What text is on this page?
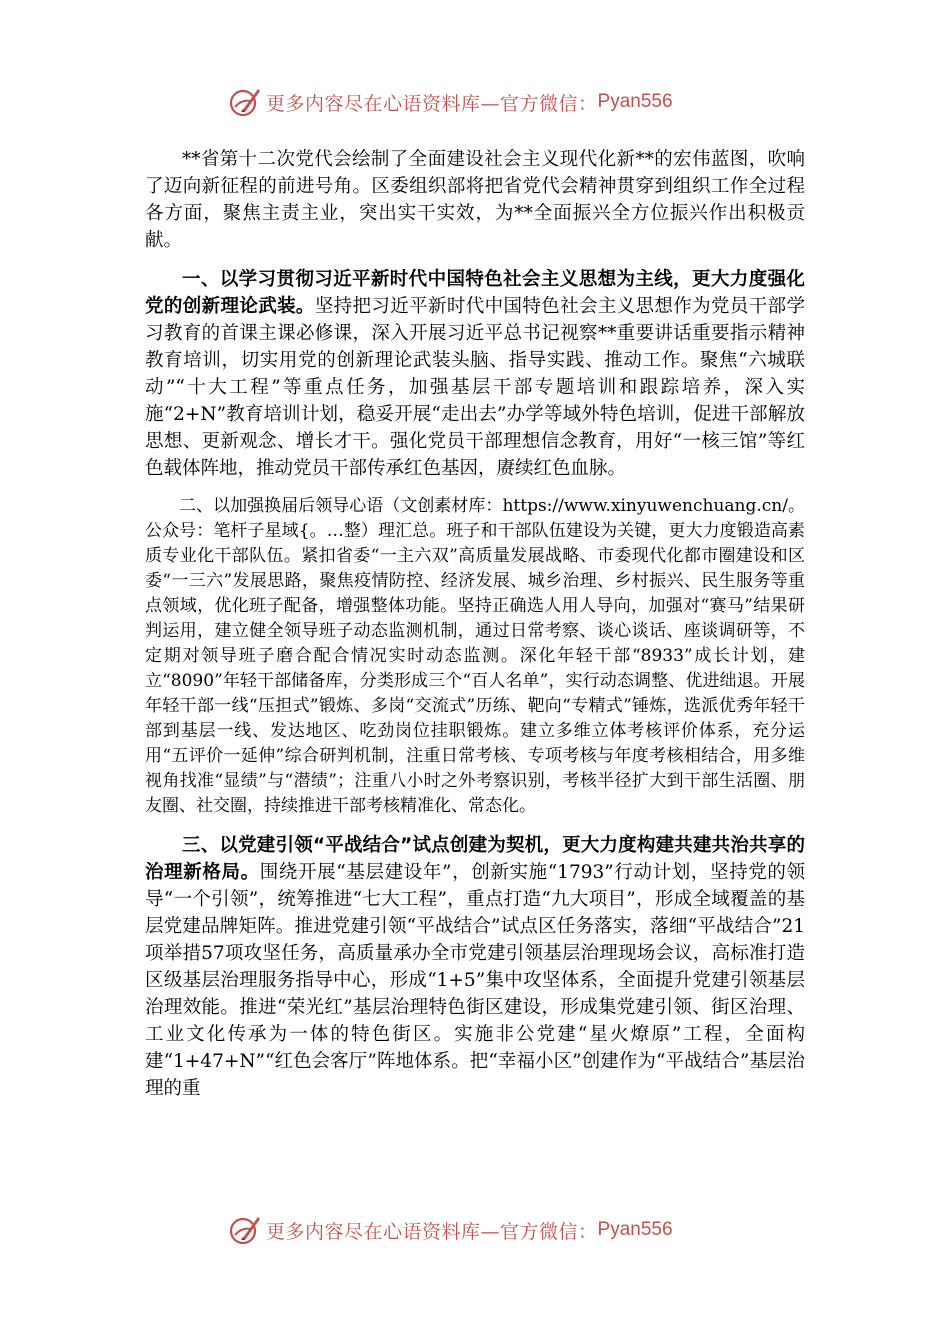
更多内容尽在心语资料库—官方微信： Pyan556

**省第十二次党代会绘制了全面建设社会主义现代化新**的宏伟蓝图，吹响了迈向新征程的前进号角。区委组织部将把省党代会精神贯穿到组织工作全过程各方面，聚焦主责主业，突出实干实效，为**全面振兴全方位振兴作出积极贡献。

一、以学习贯彻习近平新时代中国特色社会主义思想为主线，更大力度强化党的创新理论武装。坚持把习近平新时代中国特色社会主义思想作为党员干部学习教育的首课主课必修课，深入开展习近平总书记视察**重要讲话重要指示精神教育培训，切实用党的创新理论武装头脑、指导实践、推动工作。聚焦“六城联动”“十大工程”等重点任务，加强基层干部专题培训和跟踪培养，深入实施“2+N”教育培训计划，稳妥开展“走出去”办学等域外特色培训，促进干部解放思想、更新观念、增长才干。强化党员干部理想信念教育，用好“一核三馆”等红色载体阵地，推动党员干部传承红色基因，赓续红色血脉。

二、以加强换届后领导心语（文创素材库：https://www.xinyuwenchuang.cn/。公众号：笔杆子星域{。…整）理汇总。班子和干部队伍建设为关键，更大力度锻造高素质专业化干部队伍。紧扣省委“一主六双”高质量发展战略、市委现代化都市圈建设和区委“一三六”发展思路，聚焦疫情防控、经济发展、城乡治理、乡村振兴、民生服务等重点领域，优化班子配备，增强整体功能。坚持正确选人用人导向，加强对“赛马”结果研判运用，建立健全领导班子动态监测机制，通过日常考察、谈心谈话、座谈调研等，不定期对领导班子磨合配合情况实时动态监测。深化年轻干部“8933”成长计划，建立“8090”年轻干部储备库，分类形成三个“百人名单”，实行动态调整、优进绌退。开展年轻干部一线“压担式”锻炼、多岗“交流式”历练、靶向“专精式”锤炼，选派优秀年轻干部到基层一线、发达地区、吃劲岗位挂职锻炼。建立多维立体考核评价体系，充分运用“五评价一延伸”综合研判机制，注重日常考核、专项考核与年度考核相结合，用多维视角找准“显绩”与“潜绩”；注重八小时之外考察识别，考核半径扩大到干部生活圈、朋友圈、社交圈，持续推进干部考核精准化、常态化。

三、以党建引领“平战结合”试点创建为契机，更大力度构建共建共治共享的治理新格局。围绕开展“基层建设年”，创新实施“1793”行动计划，坚持党的领导“一个引领”，统筹推进“七大工程”，重点打造“九大项目”，形成全域覆盖的基层党建品牌矩阵。推进党建引领“平战结合”试点区任务落实，落细“平战结合”21项举措57项攻坚任务，高质量承办全市党建引领基层治理现场会议，高标准打造区级基层治理服务指导中心，形成“1+5”集中攻坚体系，全面提升党建引领基层治理效能。推进“荣光红”基层治理特色街区建设，形成集党建引领、街区治理、工业文化传承为一体的特色街区。实施非公党建“星火燎原”工程，全面构建“1+47+N”“红色会客厅”阵地体系。把“幸福小区”创建作为“平战结合”基层治理的重

更多内容尽在心语资料库—官方微信： Pyan556
